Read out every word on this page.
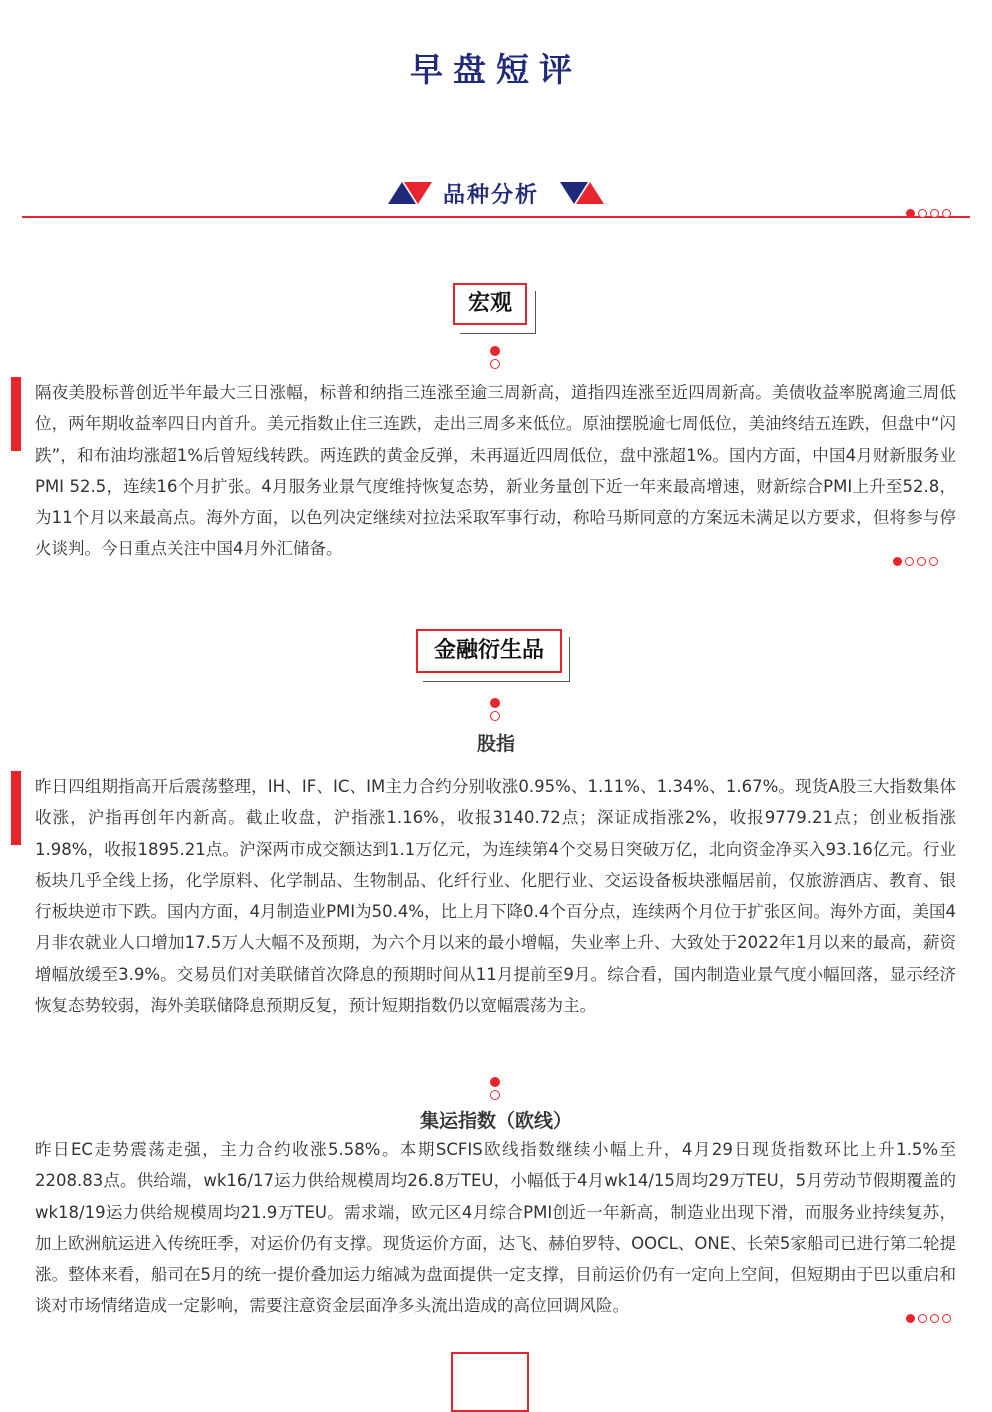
早盘短评
品种分析
宏观
隔夜美股标普创近半年最大三日涨幅，标普和纳指三连涨至逾三周新高，道指四连涨至近四周新高。美债收益率脱离逾三周低位，两年期收益率四日内首升。美元指数止住三连跌，走出三周多来低位。原油摆脱逾七周低位，美油终结五连跌，但盘中“闪跌”，和布油均涨超1%后曾短线转跌。两连跌的黄金反弹，未再逼近四周低位，盘中涨超1%。国内方面，中国4月财新服务业PMI 52.5，连续16个月扩张。4月服务业景气度维持恢复态势，新业务量创下近一年来最高增速，财新综合PMI上升至52.8，为11个月以来最高点。海外方面，以色列决定继续对拉法采取军事行动，称哈马斯同意的方案远未满足以方要求，但将参与停火谈判。今日重点关注中国4月外汇储备。
金融衍生品
股指
昨日四组期指高开后震荡整理，IH、IF、IC、IM主力合约分别收涨0.95%、1.11%、1.34%、1.67%。现货A股三大指数集体收涨，沪指再创年内新高。截止收盘，沪指涨1.16%，收报3140.72点；深证成指涨2%，收报9779.21点；创业板指涨1.98%，收报1895.21点。沪深两市成交额达到1.1万亿元，为连续第4个交易日突破万亿，北向资金净买入93.16亿元。行业板块几乎全线上扬，化学原料、化学制品、生物制品、化纤行业、化肥行业、交运设备板块涨幅居前，仅旅游酒店、教育、银行板块逆市下跌。国内方面，4月制造业PMI为50.4%，比上月下降0.4个百分点，连续两个月位于扩张区间。海外方面，美国4月非农就业人口增加17.5万人大幅不及预期，为六个月以来的最小增幅，失业率上升、大致处于2022年1月以来的最高，薪资增幅放缓至3.9%。交易员们对美联储首次降息的预期时间从11月提前至9月。综合看，国内制造业景气度小幅回落，显示经济恢复态势较弱，海外美联储降息预期反复，预计短期指数仍以宽幅震荡为主。
集运指数（欧线）
昨日EC走势震荡走强，主力合约收涨5.58%。本期SCFIS欧线指数继续小幅上升，4月29日现货指数环比上升1.5%至2208.83点。供给端，wk16/17运力供给规模周均26.8万TEU，小幅低于4月wk14/15周均29万TEU，5月劳动节假期覆盖的wk18/19运力供给规模周均21.9万TEU。需求端，欧元区4月综合PMI创近一年新高，制造业出现下滑，而服务业持续复苏，加上欧洲航运进入传统旺季，对运价仍有支撑。现货运价方面，达飞、赫伯罗特、OOCL、ONE、长荣5家船司已进行第二轮提涨。整体来看，船司在5月的统一提价叠加运力缩减为盘面提供一定支撑，目前运价仍有一定向上空间，但短期由于巴以重启和谈对市场情绪造成一定影响，需要注意资金层面净多头流出造成的高位回调风险。
